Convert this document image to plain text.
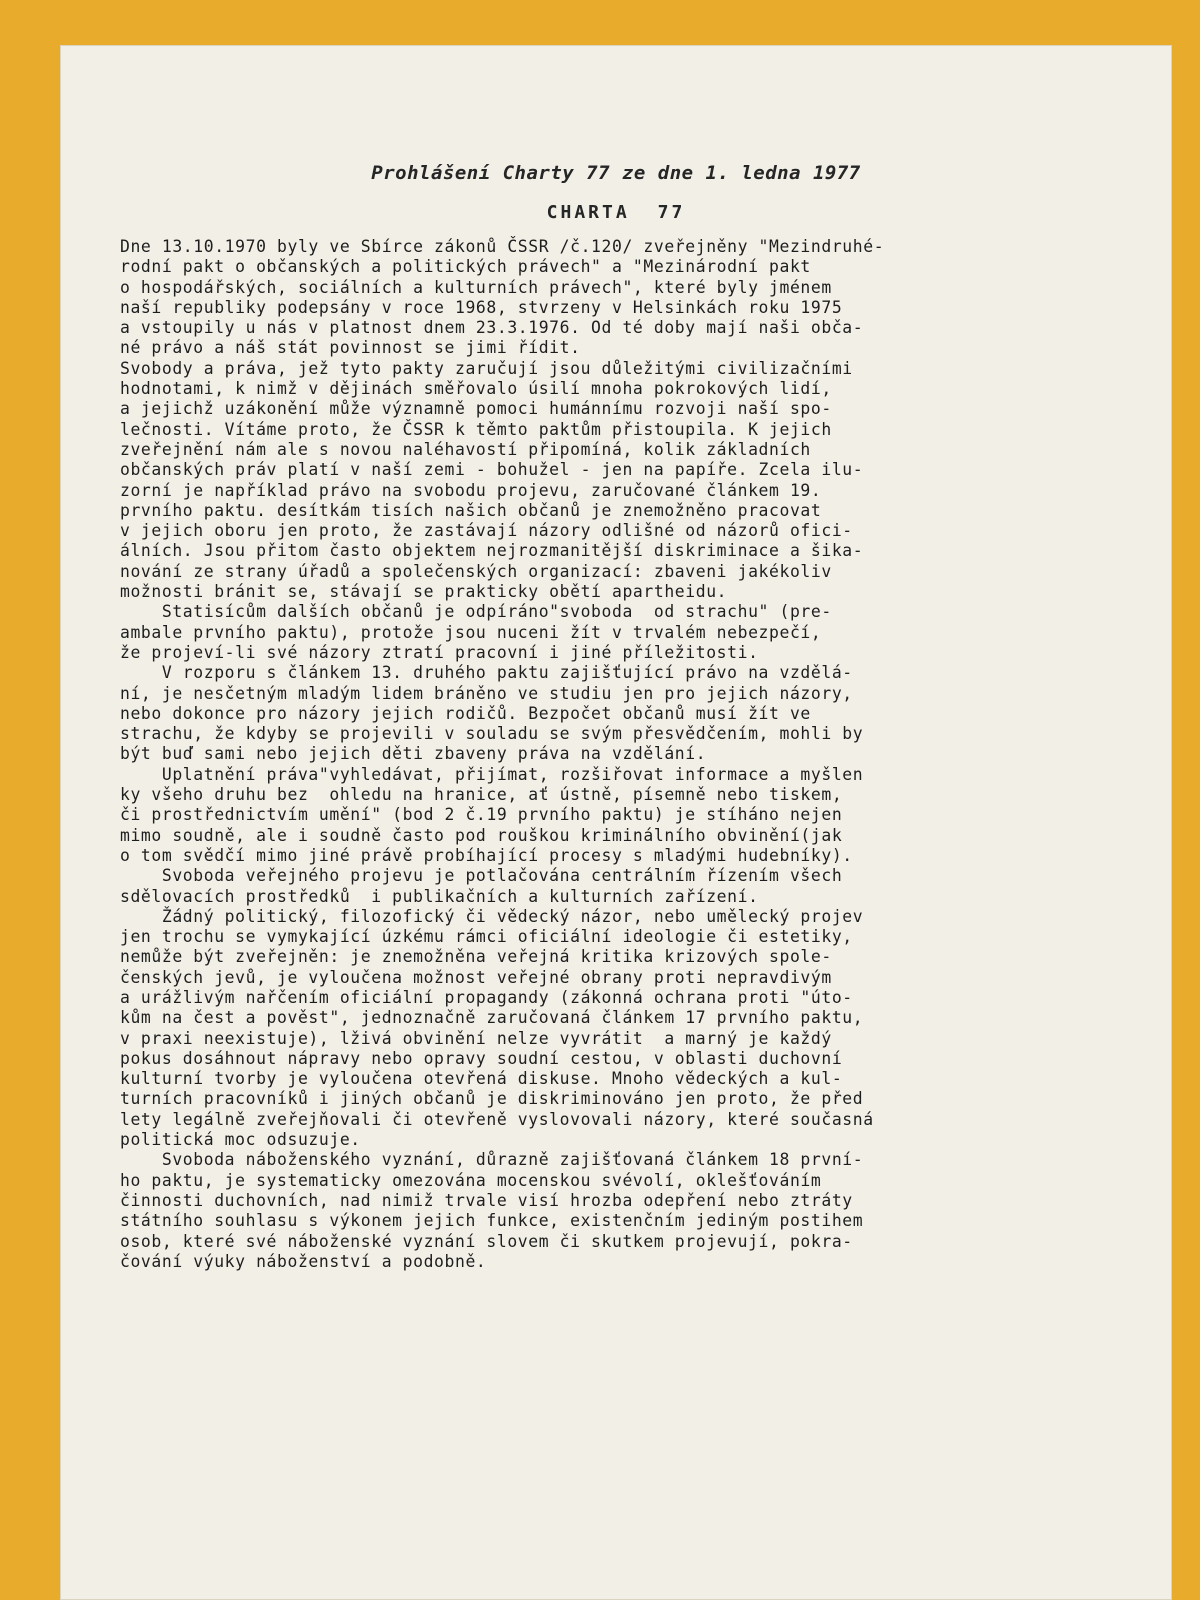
Prohlášení Charty 77 ze dne 1. ledna 1977
CHARTA 77
Dne 13.10.1970 byly ve Sbírce zákonů ČSSR /č.120/ zveřejněny "Mezindruhé-
rodní pakt o občanských a politických právech" a "Mezinárodní pakt
o hospodářských, sociálních a kulturních právech", které byly jménem
naší republiky podepsány v roce 1968, stvrzeny v Helsinkách roku 1975
a vstoupily u nás v platnost dnem 23.3.1976. Od té doby mají naši obča-
né právo a náš stát povinnost se jimi řídit.
Svobody a práva, jež tyto pakty zaručují jsou důležitými civilizačními
hodnotami, k nimž v dějinách směřovalo úsilí mnoha pokrokových lidí,
a jejichž uzákonění může významně pomoci humánnímu rozvoji naší spo-
lečnosti. Vítáme proto, že ČSSR k těmto paktům přistoupila. K jejich
zveřejnění nám ale s novou naléhavostí připomíná, kolik základních
občanských práv platí v naší zemi - bohužel - jen na papíře. Zcela ilu-
zorní je například právo na svobodu projevu, zaručované článkem 19.
prvního paktu. desítkám tisích našich občanů je znemožněno pracovat
v jejich oboru jen proto, že zastávají názory odlišné od názorů ofici-
álních. Jsou přitom často objektem nejrozmanitější diskriminace a šika-
nování ze strany úřadů a společenských organizací: zbaveni jakékoliv
možnosti bránit se, stávají se prakticky obětí apartheidu.
Statisícům dalších občanů je odpíráno"svoboda  od strachu" (pre-
ambale prvního paktu), protože jsou nuceni žít v trvalém nebezpečí,
že projeví-li své názory ztratí pracovní i jiné příležitosti.
V rozporu s článkem 13. druhého paktu zajišťující právo na vzdělá-
ní, je nesčetným mladým lidem bráněno ve studiu jen pro jejich názory,
nebo dokonce pro názory jejich rodičů. Bezpočet občanů musí žít ve
strachu, že kdyby se projevili v souladu se svým přesvědčením, mohli by
být buď sami nebo jejich děti zbaveny práva na vzdělání.
Uplatnění práva"vyhledávat, přijímat, rozšiřovat informace a myšlen
ky všeho druhu bez  ohledu na hranice, ať ústně, písemně nebo tiskem,
či prostřednictvím umění" (bod 2 č.19 prvního paktu) je stíháno nejen
mimo soudně, ale i soudně často pod rouškou kriminálního obvinění(jak
o tom svědčí mimo jiné právě probíhající procesy s mladými hudebníky).
Svoboda veřejného projevu je potlačována centrálním řízením všech
sdělovacích prostředků  i publikačních a kulturních zařízení.
Žádný politický, filozofický či vědecký názor, nebo umělecký projev
jen trochu se vymykající úzkému rámci oficiální ideologie či estetiky,
nemůže být zveřejněn: je znemožněna veřejná kritika krizových spole-
čenských jevů, je vyloučena možnost veřejné obrany proti nepravdivým
a urážlivým nařčením oficiální propagandy (zákonná ochrana proti "úto-
kům na čest a pověst", jednoznačně zaručovaná článkem 17 prvního paktu,
v praxi neexistuje), lživá obvinění nelze vyvrátit  a marný je každý
pokus dosáhnout nápravy nebo opravy soudní cestou, v oblasti duchovní
kulturní tvorby je vyloučena otevřená diskuse. Mnoho vědeckých a kul-
turních pracovníků i jiných občanů je diskriminováno jen proto, že před
lety legálně zveřejňovali či otevřeně vyslovovali názory, které současná
politická moc odsuzuje.
Svoboda náboženského vyznání, důrazně zajišťovaná článkem 18 první-
ho paktu, je systematicky omezována mocenskou svévolí, oklešťováním
činnosti duchovních, nad nimiž trvale visí hrozba odepření nebo ztráty
státního souhlasu s výkonem jejich funkce, existenčním jediným postihem
osob, které své náboženské vyznání slovem či skutkem projevují, pokra-
čování výuky náboženství a podobně.
